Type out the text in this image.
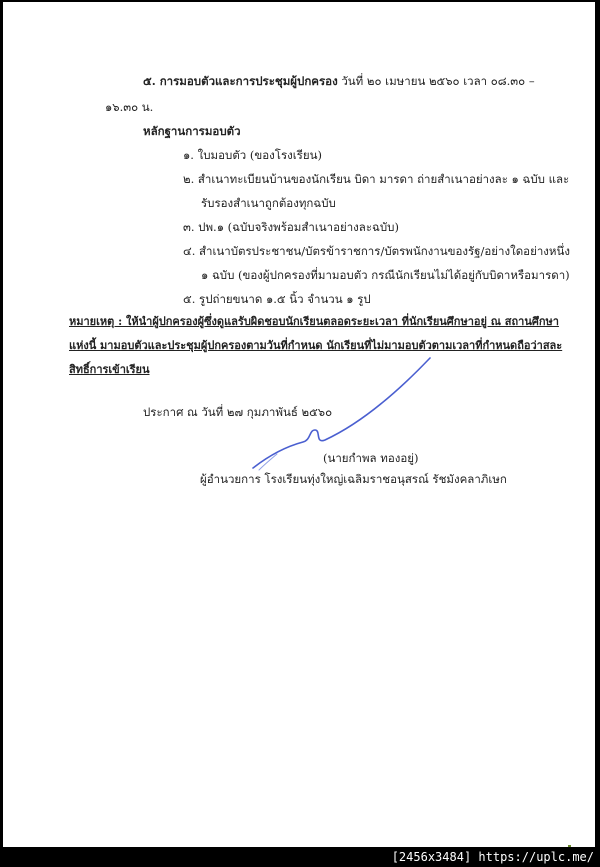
๕. การมอบตัวและการประชุมผู้ปกครอง วันที่ ๒๐ เมษายน ๒๕๖๐ เวลา ๐๘.๓๐ –
๑๖.๓๐ น.
หลักฐานการมอบตัว
๑. ใบมอบตัว (ของโรงเรียน)
๒. สำเนาทะเบียนบ้านของนักเรียน บิดา มารดา ถ่ายสำเนาอย่างละ ๑ ฉบับ และ
รับรองสำเนาถูกต้องทุกฉบับ
๓. ปพ.๑ (ฉบับจริงพร้อมสำเนาอย่างละฉบับ)
๔. สำเนาบัตรประชาชน/บัตรข้าราชการ/บัตรพนักงานของรัฐ/อย่างใดอย่างหนึ่ง
๑ ฉบับ (ของผู้ปกครองที่มามอบตัว กรณีนักเรียนไม่ได้อยู่กับบิดาหรือมารดา)
๕. รูปถ่ายขนาด ๑.๕ นิ้ว จำนวน ๑ รูป
หมายเหตุ : ให้นำผู้ปกครองผู้ซึ่งดูแลรับผิดชอบนักเรียนตลอดระยะเวลา ที่นักเรียนศึกษาอยู่ ณ สถานศึกษา
แห่งนี้ มามอบตัวและประชุมผู้ปกครองตามวันที่กำหนด นักเรียนที่ไม่มามอบตัวตามเวลาที่กำหนดถือว่าสละ
สิทธิ์การเข้าเรียน
ประกาศ ณ วันที่ ๒๗ กุมภาพันธ์ ๒๕๖๐
(นายกำพล ทองอยู่)
ผู้อำนวยการ โรงเรียนทุ่งใหญ่เฉลิมราชอนุสรณ์ รัชมังคลาภิเษก
[2456x3484] https://uplc.me/
